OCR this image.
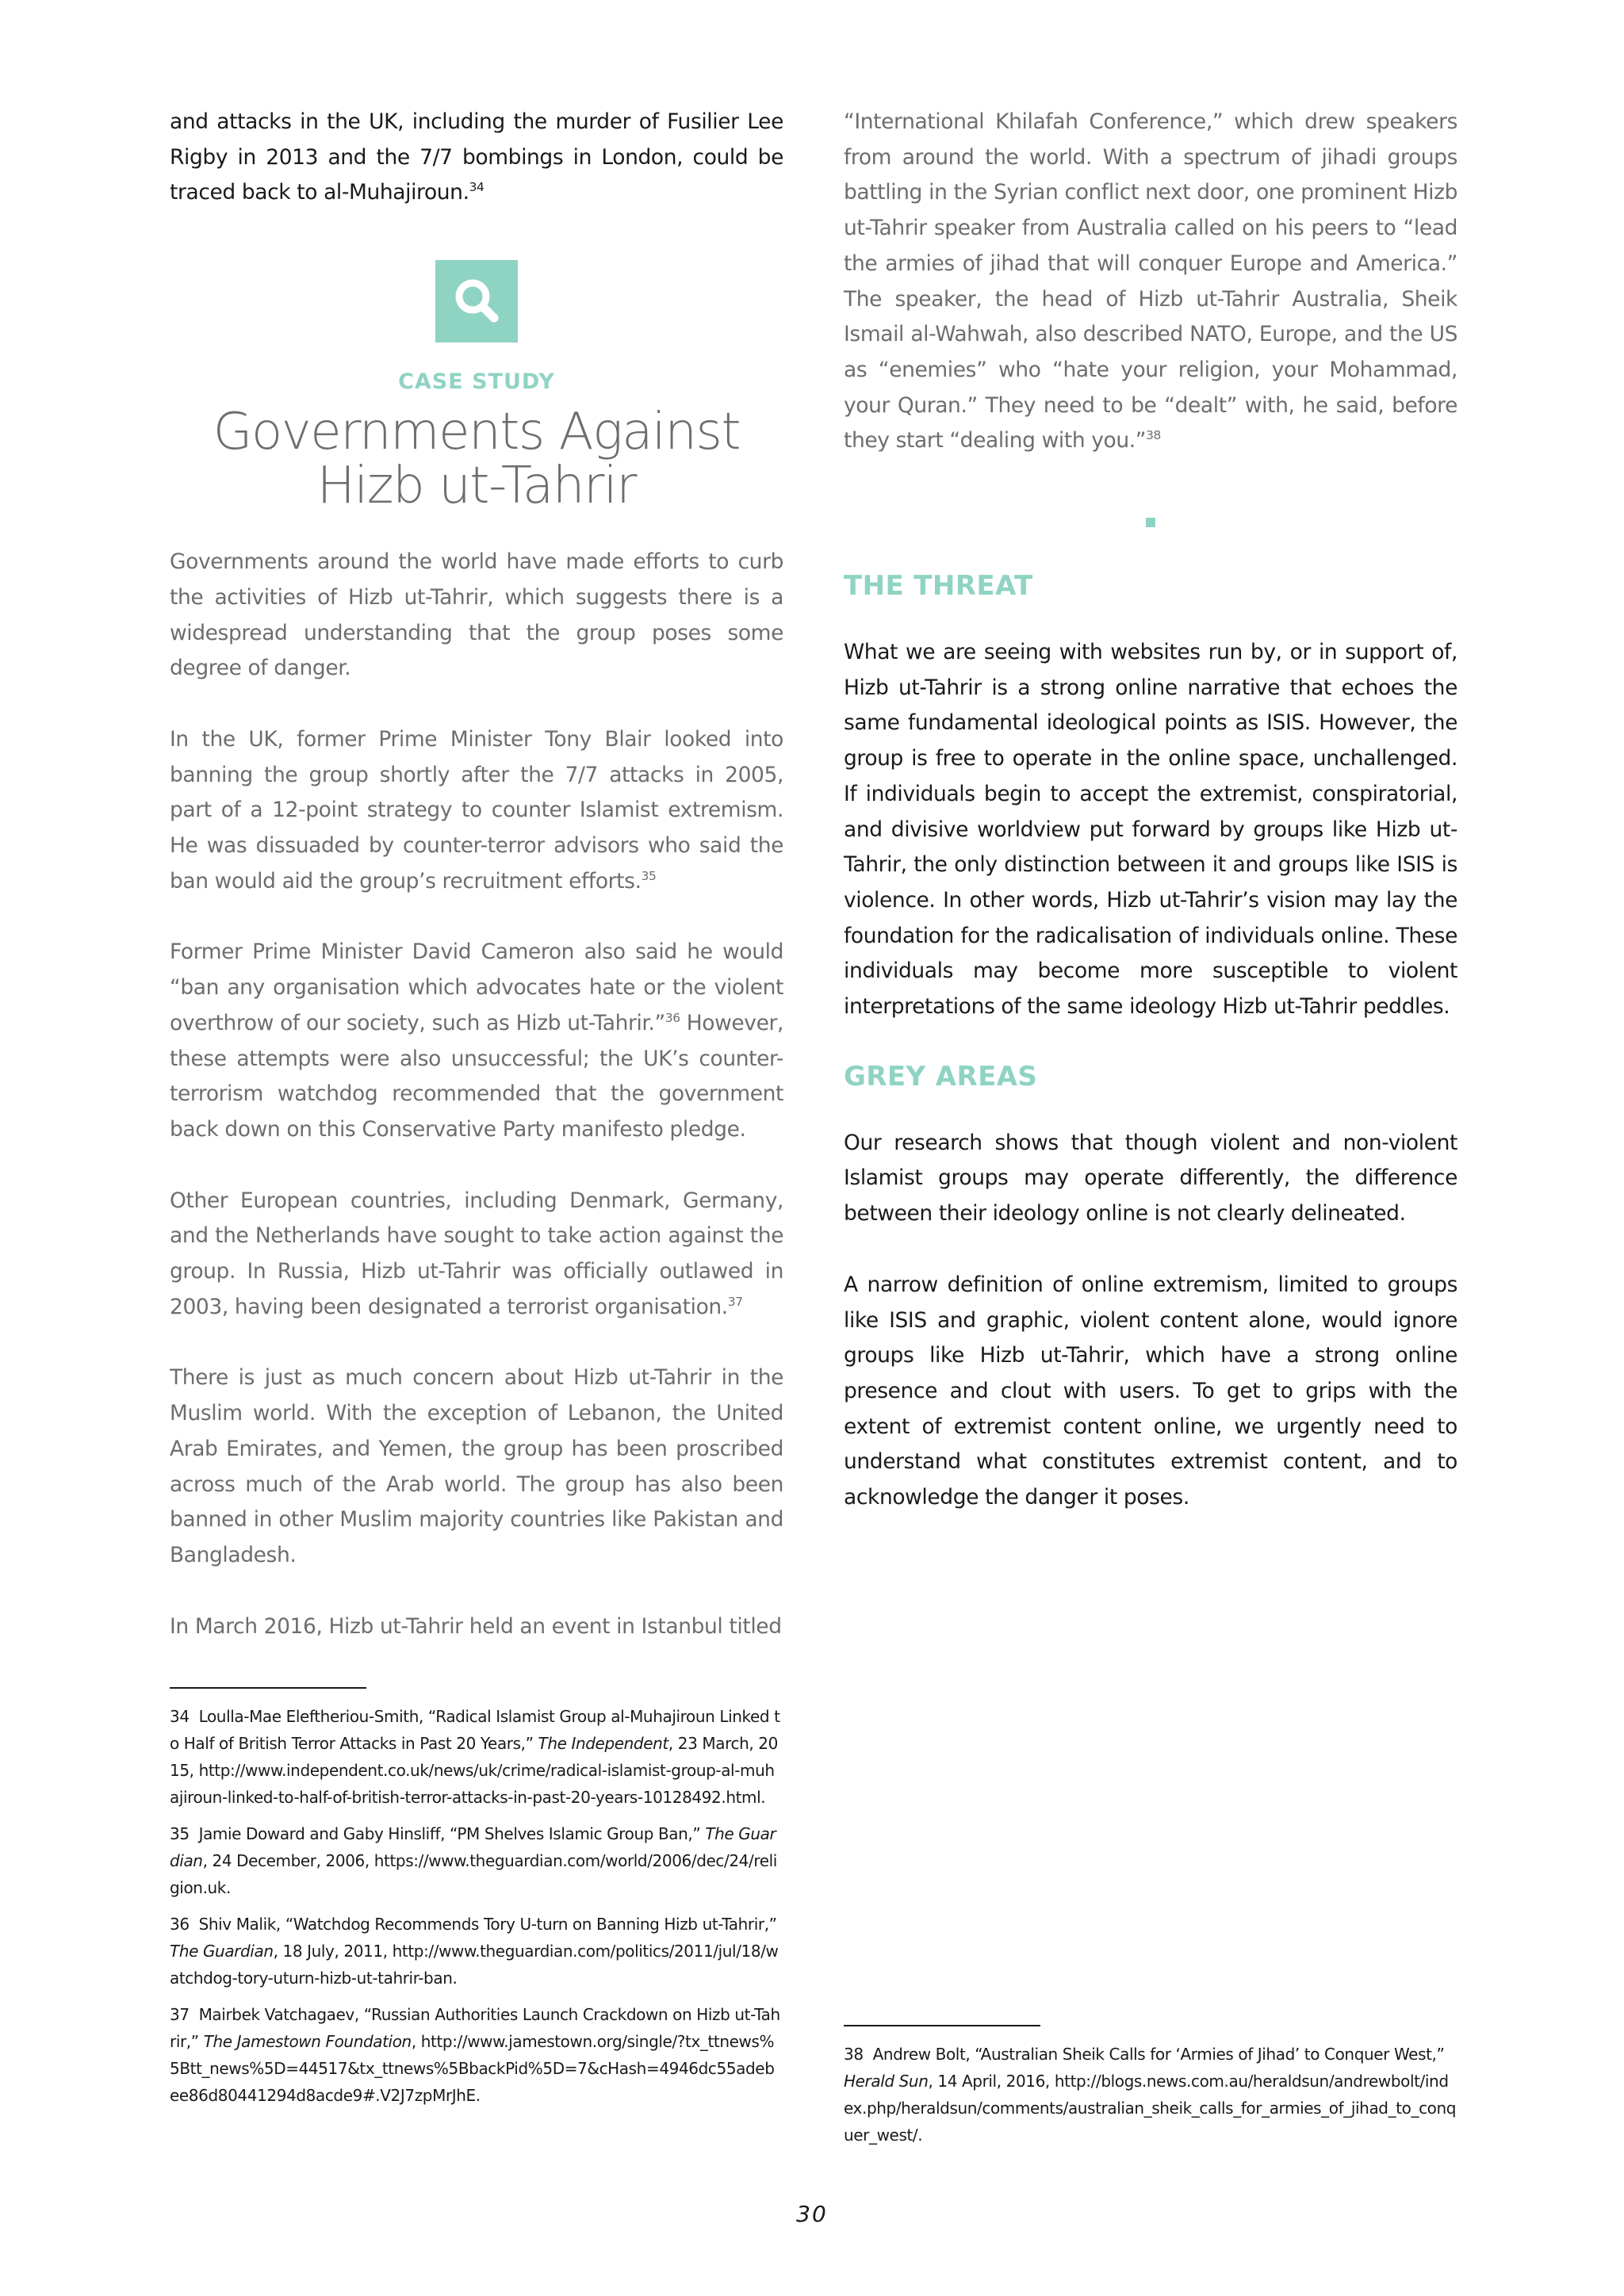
and attacks in the UK, including the murder of Fusilier Lee Rigby in 2013 and the 7/7 bombings in London, could be traced back to al-Muhajiroun.$^{34}$

CASE STUDY
Governments Against
Hizb ut-Tahrir

Governments around the world have made efforts to curb the activities of Hizb ut-Tahrir, which suggests there is a widespread understanding that the group poses some degree of danger.

In the UK, former Prime Minister Tony Blair looked into banning the group shortly after the 7/7 attacks in 2005, part of a 12-point strategy to counter Islamist extremism. He was dissuaded by counter-terror advisors who said the ban would aid the group’s recruitment efforts.$^{35}$

Former Prime Minister David Cameron also said he would “ban any organisation which advocates hate or the violent overthrow of our society, such as Hizb ut-Tahrir.”$^{36}$ However, these attempts were also unsuccessful; the UK’s counter-terrorism watchdog recommended that the government back down on this Conservative Party manifesto pledge.

Other European countries, including Denmark, Germany, and the Netherlands have sought to take action against the group. In Russia, Hizb ut-Tahrir was officially outlawed in 2003, having been designated a terrorist organisation.$^{37}$

There is just as much concern about Hizb ut-Tahrir in the Muslim world. With the exception of Lebanon, the United Arab Emirates, and Yemen, the group has been proscribed across much of the Arab world. The group has also been banned in other Muslim majority countries like Pakistan and Bangladesh.

In March 2016, Hizb ut-Tahrir held an event in Istanbul titled

“International Khilafah Conference,” which drew speakers from around the world. With a spectrum of jihadi groups battling in the Syrian conflict next door, one prominent Hizb ut-Tahrir speaker from Australia called on his peers to “lead the armies of jihad that will conquer Europe and America.” The speaker, the head of Hizb ut-Tahrir Australia, Sheik Ismail al-Wahwah, also described NATO, Europe, and the US as “enemies” who “hate your religion, your Mohammad, your Quran.” They need to be “dealt” with, he said, before they start “dealing with you.”$^{38}$

THE THREAT

What we are seeing with websites run by, or in support of, Hizb ut-Tahrir is a strong online narrative that echoes the same fundamental ideological points as ISIS. However, the group is free to operate in the online space, unchallenged. If individuals begin to accept the extremist, conspiratorial, and divisive worldview put forward by groups like Hizb ut-Tahrir, the only distinction between it and groups like ISIS is violence. In other words, Hizb ut-Tahrir’s vision may lay the foundation for the radicalisation of individuals online. These individuals may become more susceptible to violent interpretations of the same ideology Hizb ut-Tahrir peddles.

GREY AREAS

Our research shows that though violent and non-violent Islamist groups may operate differently, the difference between their ideology online is not clearly delineated.

A narrow definition of online extremism, limited to groups like ISIS and graphic, violent content alone, would ignore groups like Hizb ut-Tahrir, which have a strong online presence and clout with users. To get to grips with the extent of extremist content online, we urgently need to understand what constitutes extremist content, and to acknowledge the danger it poses.

34 Loulla-Mae Eleftheriou-Smith, “Radical Islamist Group al-Muhajiroun Linked to Half of British Terror Attacks in Past 20 Years,” The Independent, 23 March, 2015, http://www.independent.co.uk/news/uk/crime/radical-islamist-group-al-muhajiroun-linked-to-half-of-british-terror-attacks-in-past-20-years-10128492.html.

35 Jamie Doward and Gaby Hinsliff, “PM Shelves Islamic Group Ban,” The Guardian, 24 December, 2006, https://www.theguardian.com/world/2006/dec/24/religion.uk.

36 Shiv Malik, “Watchdog Recommends Tory U-turn on Banning Hizb ut-Tahrir,” The Guardian, 18 July, 2011, http://www.theguardian.com/politics/2011/jul/18/watchdog-tory-uturn-hizb-ut-tahrir-ban.

37 Mairbek Vatchagaev, “Russian Authorities Launch Crackdown on Hizb ut-Tahrir,” The Jamestown Foundation, http://www.jamestown.org/single/?tx_ttnews%5Btt_news%5D=44517&tx_ttnews%5BbackPid%5D=7&cHash=4946dc55adebee86d80441294d8acde9#.V2J7zpMrJhE.

38 Andrew Bolt, “Australian Sheik Calls for ‘Armies of Jihad’ to Conquer West,” Herald Sun, 14 April, 2016, http://blogs.news.com.au/heraldsun/andrewbolt/index.php/heraldsun/comments/australian_sheik_calls_for_armies_of_jihad_to_conquer_west/.

30
